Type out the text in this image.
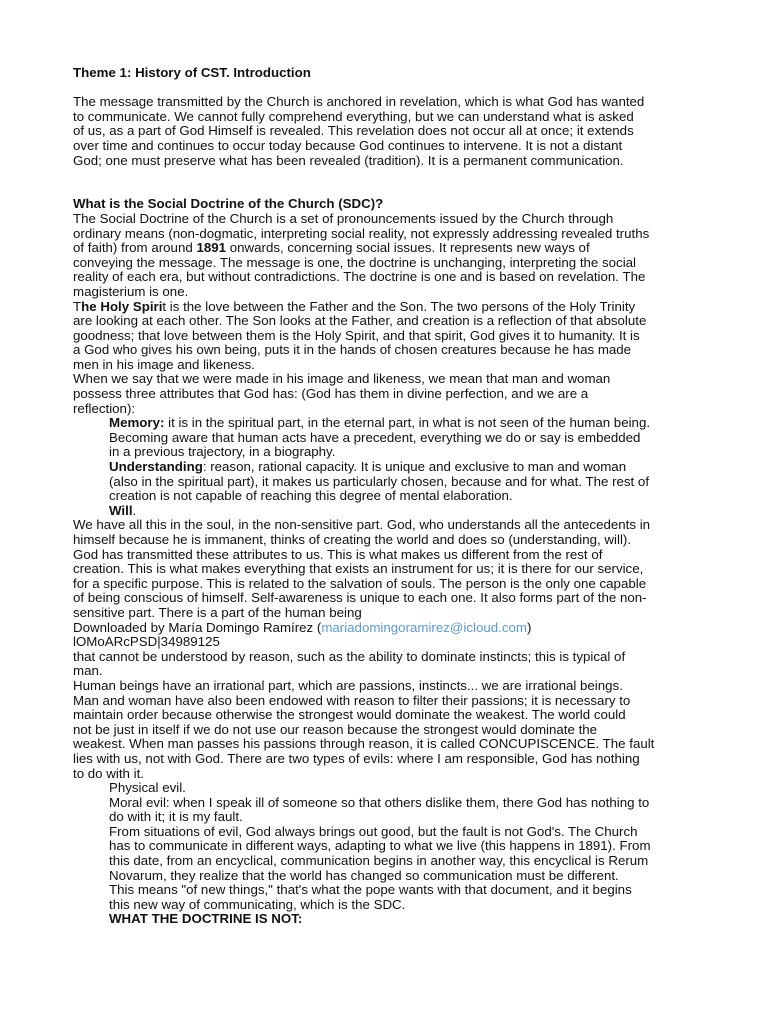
Theme 1: History of CST. Introduction
The message transmitted by the Church is anchored in revelation, which is what God has wanted
to communicate. We cannot fully comprehend everything, but we can understand what is asked
of us, as a part of God Himself is revealed. This revelation does not occur all at once; it extends
over time and continues to occur today because God continues to intervene. It is not a distant
God; one must preserve what has been revealed (tradition). It is a permanent communication.
What is the Social Doctrine of the Church (SDC)?
The Social Doctrine of the Church is a set of pronouncements issued by the Church through
ordinary means (non-dogmatic, interpreting social reality, not expressly addressing revealed truths
of faith) from around 1891 onwards, concerning social issues. It represents new ways of
conveying the message. The message is one, the doctrine is unchanging, interpreting the social
reality of each era, but without contradictions. The doctrine is one and is based on revelation. The
magisterium is one.
The Holy Spirit is the love between the Father and the Son. The two persons of the Holy Trinity
are looking at each other. The Son looks at the Father, and creation is a reflection of that absolute
goodness; that love between them is the Holy Spirit, and that spirit, God gives it to humanity. It is
a God who gives his own being, puts it in the hands of chosen creatures because he has made
men in his image and likeness.
When we say that we were made in his image and likeness, we mean that man and woman
possess three attributes that God has: (God has them in divine perfection, and we are a
reflection):
Memory: it is in the spiritual part, in the eternal part, in what is not seen of the human being.
Becoming aware that human acts have a precedent, everything we do or say is embedded
in a previous trajectory, in a biography.
Understanding: reason, rational capacity. It is unique and exclusive to man and woman
(also in the spiritual part), it makes us particularly chosen, because and for what. The rest of
creation is not capable of reaching this degree of mental elaboration.
Will.
We have all this in the soul, in the non-sensitive part. God, who understands all the antecedents in
himself because he is immanent, thinks of creating the world and does so (understanding, will).
God has transmitted these attributes to us. This is what makes us different from the rest of
creation. This is what makes everything that exists an instrument for us; it is there for our service,
for a specific purpose. This is related to the salvation of souls. The person is the only one capable
of being conscious of himself. Self-awareness is unique to each one. It also forms part of the non-
sensitive part. There is a part of the human being
Downloaded by María Domingo Ramírez (mariadomingoramirez@icloud.com)
lOMoARcPSD|34989125
that cannot be understood by reason, such as the ability to dominate instincts; this is typical of
man.
Human beings have an irrational part, which are passions, instincts... we are irrational beings.
Man and woman have also been endowed with reason to filter their passions; it is necessary to
maintain order because otherwise the strongest would dominate the weakest. The world could
not be just in itself if we do not use our reason because the strongest would dominate the
weakest. When man passes his passions through reason, it is called CONCUPISCENCE. The fault
lies with us, not with God. There are two types of evils: where I am responsible, God has nothing
to do with it.
Physical evil.
Moral evil: when I speak ill of someone so that others dislike them, there God has nothing to
do with it; it is my fault.
From situations of evil, God always brings out good, but the fault is not God's. The Church
has to communicate in different ways, adapting to what we live (this happens in 1891). From
this date, from an encyclical, communication begins in another way, this encyclical is Rerum
Novarum, they realize that the world has changed so communication must be different.
This means "of new things," that's what the pope wants with that document, and it begins
this new way of communicating, which is the SDC.
WHAT THE DOCTRINE IS NOT:
